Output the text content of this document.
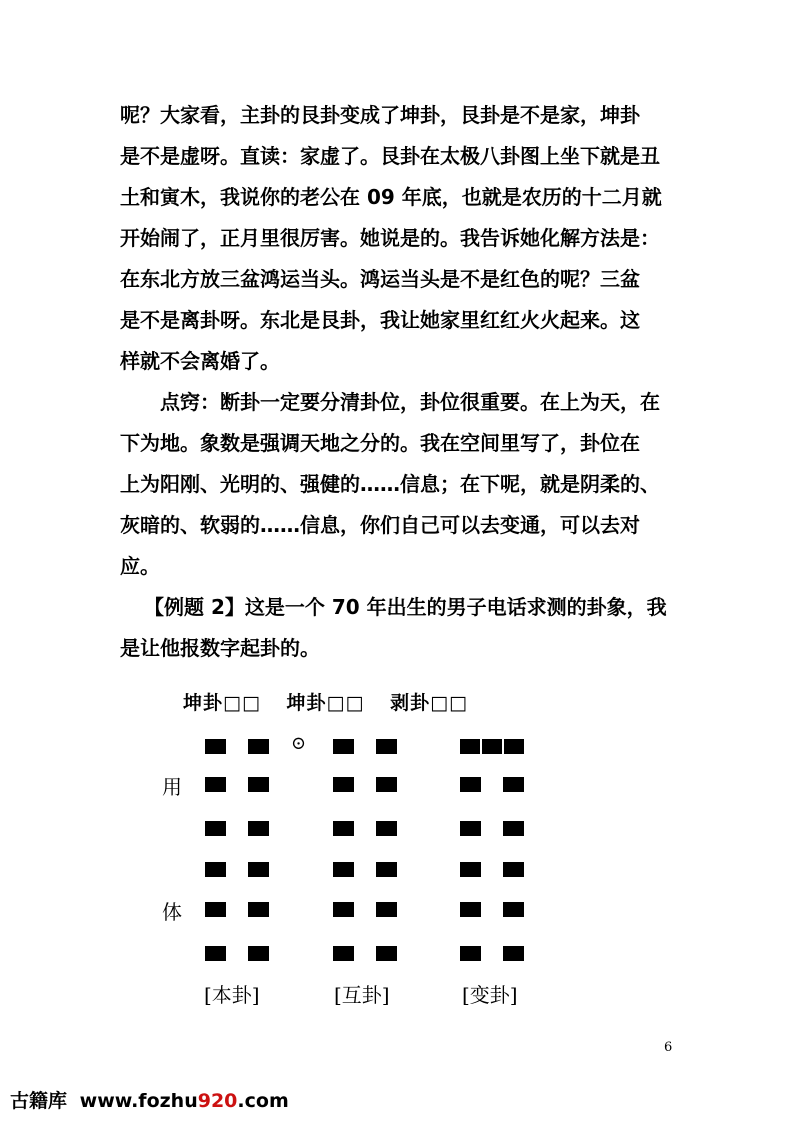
呢？大家看，主卦的艮卦变成了坤卦，艮卦是不是家，坤卦
是不是虚呀。直读：家虚了。艮卦在太极八卦图上坐下就是丑
土和寅木，我说你的老公在 09 年底，也就是农历的十二月就
开始闹了，正月里很厉害。她说是的。我告诉她化解方法是：
在东北方放三盆鸿运当头。鸿运当头是不是红色的呢？三盆
是不是离卦呀。东北是艮卦，我让她家里红红火火起来。这
样就不会离婚了。
点窍：断卦一定要分清卦位，卦位很重要。在上为天，在
下为地。象数是强调天地之分的。我在空间里写了，卦位在
上为阳刚、光明的、强健的……信息；在下呢，就是阴柔的、
灰暗的、软弱的……信息，你们自己可以去变通，可以去对
应。
【例题 2】这是一个 70 年出生的男子电话求测的卦象，我
是让他报数字起卦的。
坤卦□□ 坤卦□□ 剥卦□□
用
体
⊙
[本卦]	[互卦]	[变卦]
6
古籍库 www.fozhu920.com
